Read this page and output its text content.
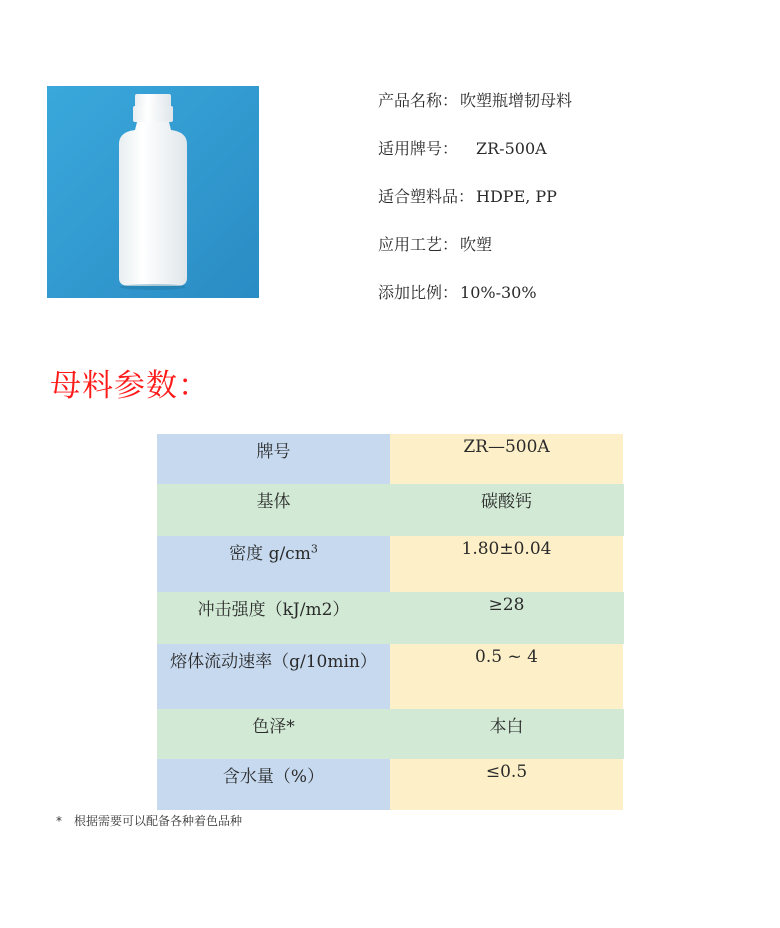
产品名称： 吹塑瓶增韧母料
适用牌号： ZR-500A
适合塑料品： HDPE, PP
应用工艺： 吹塑
添加比例： 10%-30%
母料参数：
牌号	ZR—500A
基体	碳酸钙
密度 $g/cm^3$	1.80±0.04
冲击强度（kJ/m2）	≥28
熔体流动速率（g/10min）	0.5 ~ 4
色泽*	本白
含水量（%）	≤0.5
* 根据需要可以配备各种着色品种
